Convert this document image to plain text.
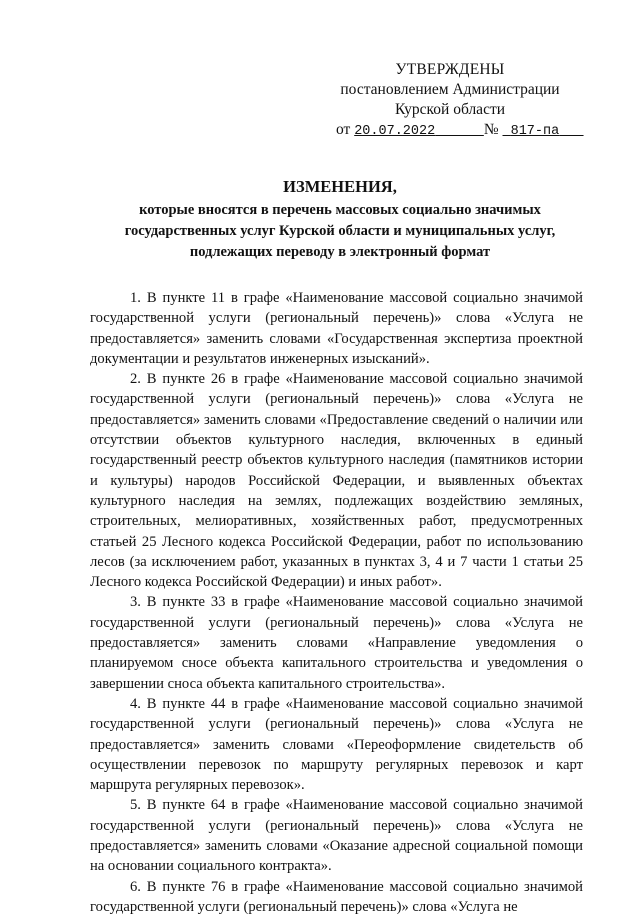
УТВЕРЖДЕНЫ
постановлением Администрации
Курской области
от 20.07.2022	№ 817-па
ИЗМЕНЕНИЯ,
которые вносятся в перечень массовых социально значимых государственных услуг Курской области и муниципальных услуг, подлежащих переводу в электронный формат

1. В пункте 11 в графе «Наименование массовой социально значимой государственной услуги (региональный перечень)» слова «Услуга не предоставляется» заменить словами «Государственная экспертиза проектной документации и результатов инженерных изысканий».

2. В пункте 26 в графе «Наименование массовой социально значимой государственной услуги (региональный перечень)» слова «Услуга не предоставляется» заменить словами «Предоставление сведений о наличии или отсутствии объектов культурного наследия, включенных в единый государственный реестр объектов культурного наследия (памятников истории и культуры) народов Российской Федерации, и выявленных объектах культурного наследия на землях, подлежащих воздействию земляных, строительных, мелиоративных, хозяйственных работ, предусмотренных статьей 25 Лесного кодекса Российской Федерации, работ по использованию лесов (за исключением работ, указанных в пунктах 3, 4 и 7 части 1 статьи 25 Лесного кодекса Российской Федерации) и иных работ».

3. В пункте 33 в графе «Наименование массовой социально значимой государственной услуги (региональный перечень)» слова «Услуга не предоставляется» заменить словами «Направление уведомления о планируемом сносе объекта капитального строительства и уведомления о завершении сноса объекта капитального строительства».

4. В пункте 44 в графе «Наименование массовой социально значимой государственной услуги (региональный перечень)» слова «Услуга не предоставляется» заменить словами «Переоформление свидетельств об осуществлении перевозок по маршруту регулярных перевозок и карт маршрута регулярных перевозок».

5. В пункте 64 в графе «Наименование массовой социально значимой государственной услуги (региональный перечень)» слова «Услуга не предоставляется» заменить словами «Оказание адресной социальной помощи на основании социального контракта».

6. В пункте 76 в графе «Наименование массовой социально значимой государственной услуги (региональный перечень)» слова «Услуга не
